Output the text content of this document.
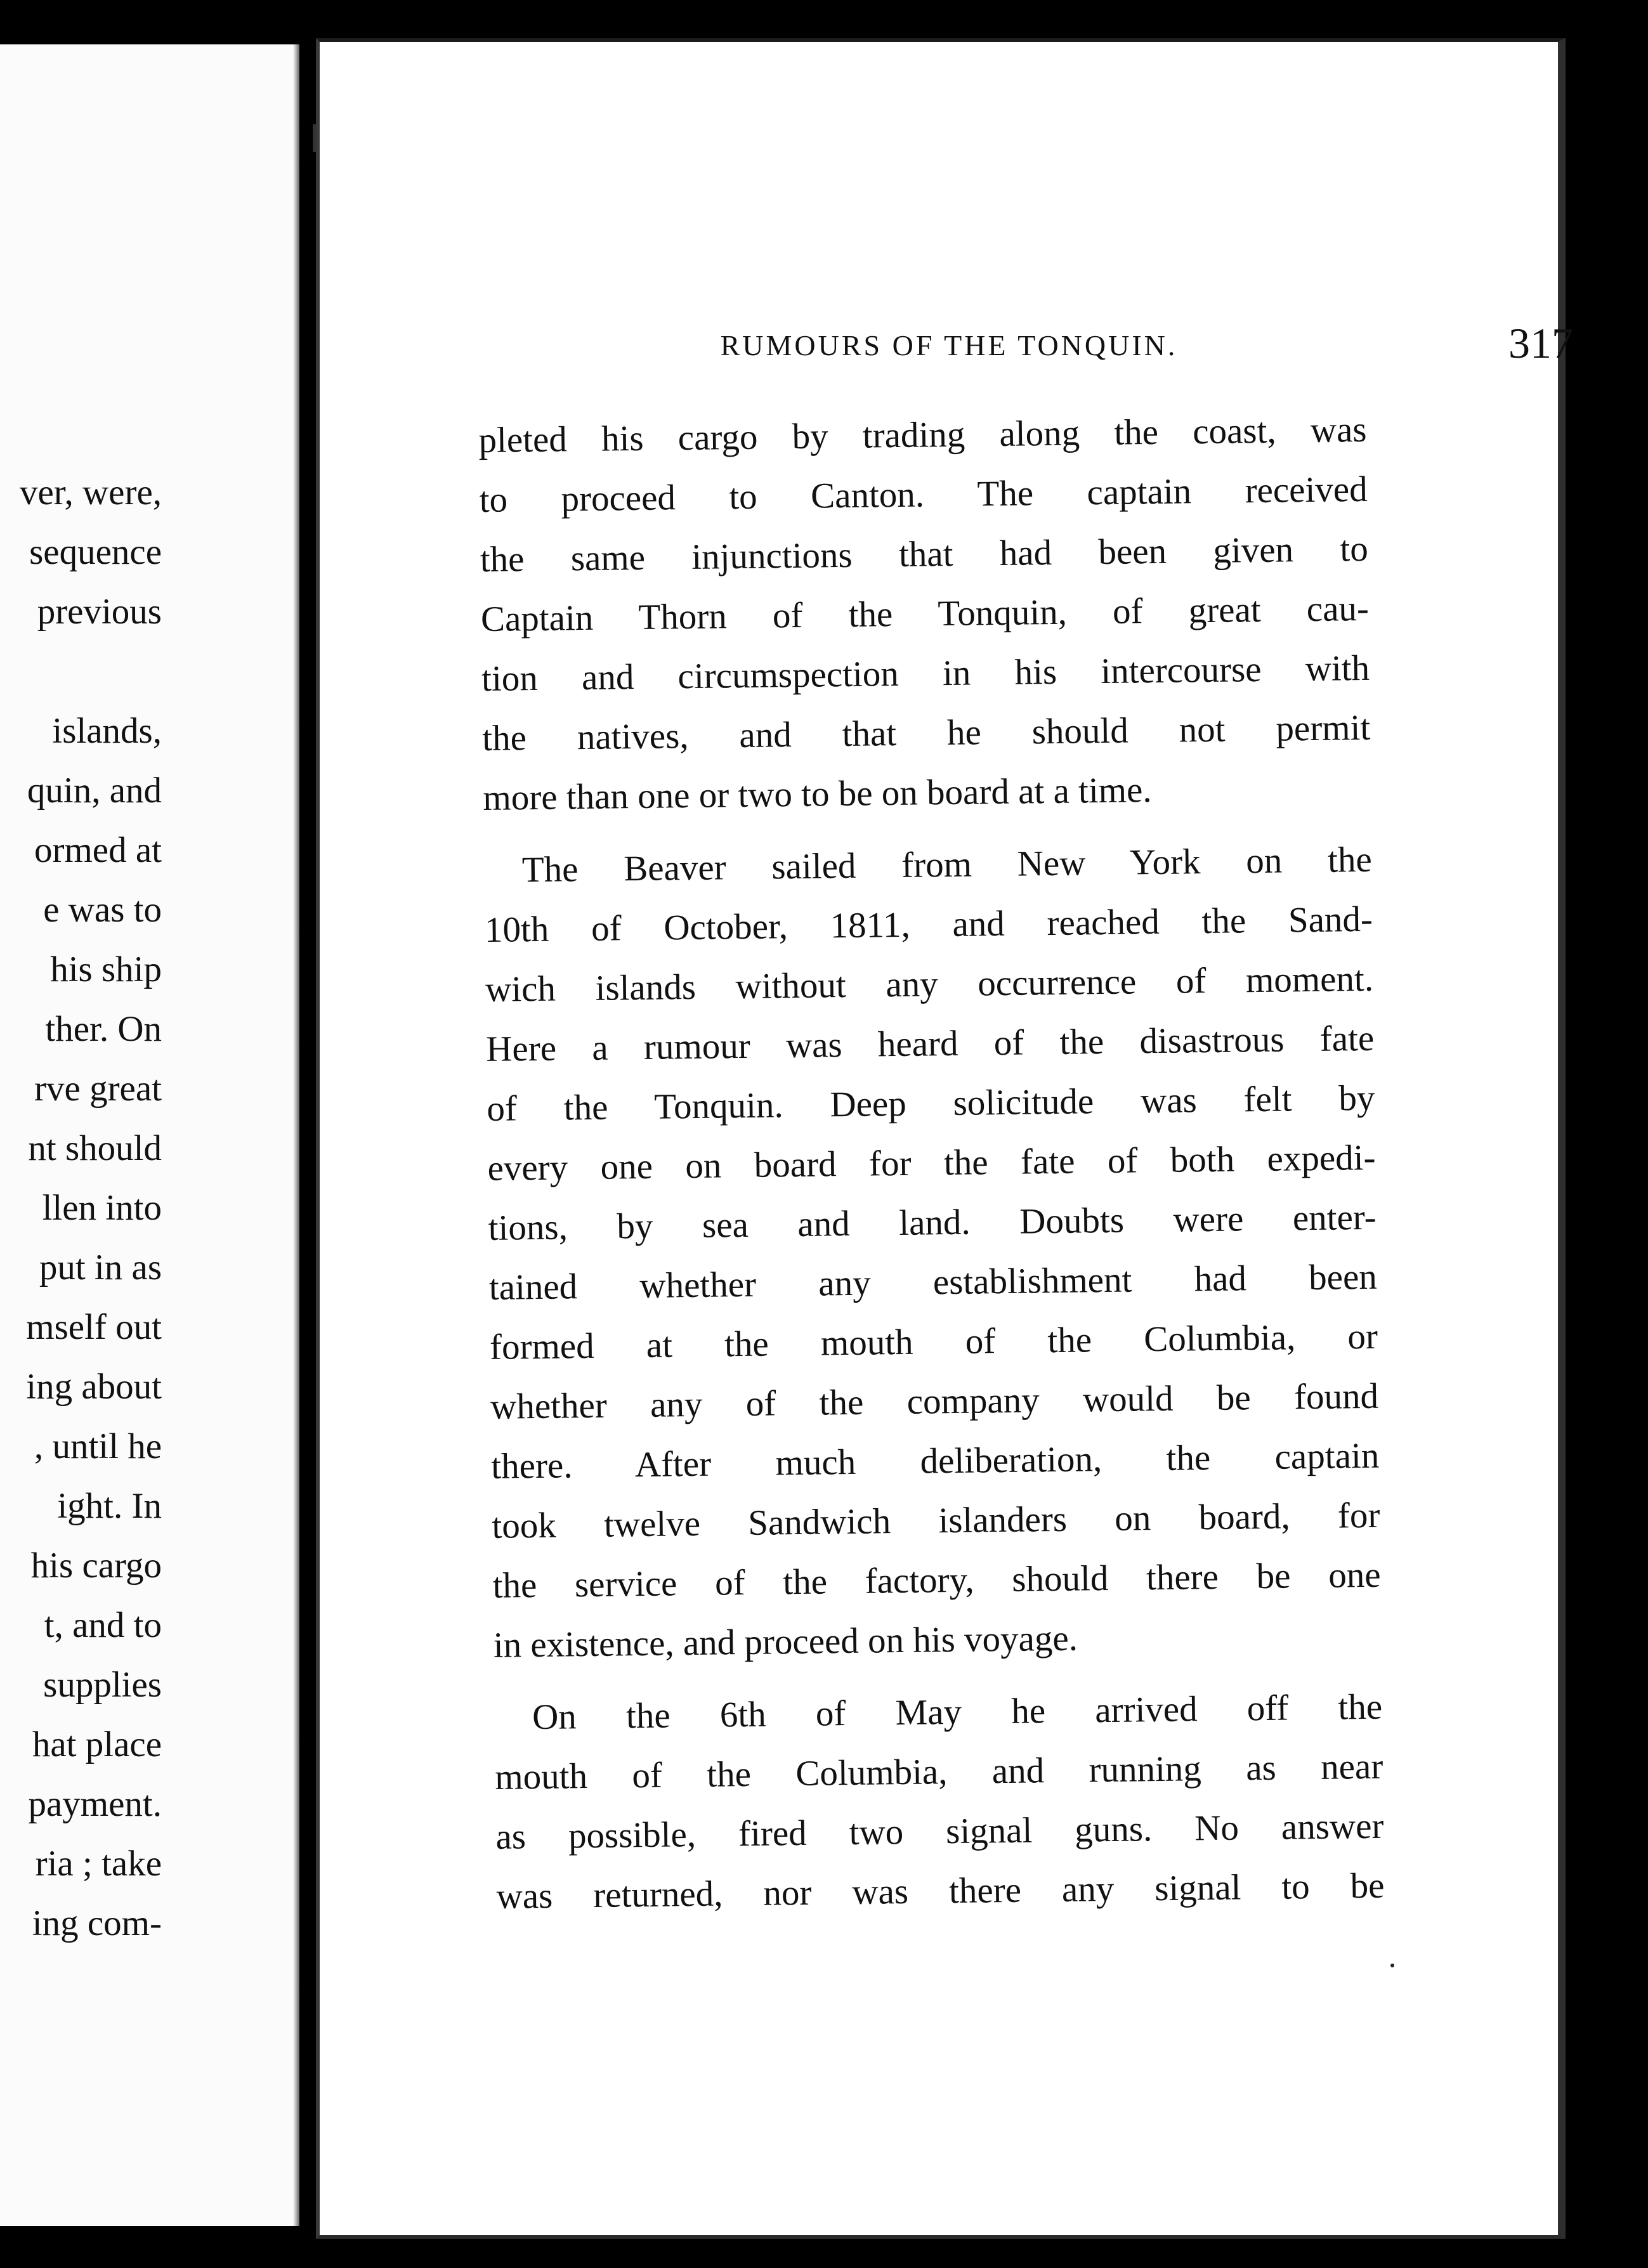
ver, were,
sequence
previous
islands,
quin, and
ormed at
e was to
his ship
ther. On
rve great
nt should
llen into
put in as
mself out
ing about
, until he
ight. In
his cargo
t, and to
supplies
hat place
payment.
ria ; take
ing com-
RUMOURS OF THE TONQUIN.	317
pleted his cargo by trading along the coast, was
to proceed to Canton. The captain received
the same injunctions that had been given to
Captain Thorn of the Tonquin, of great cau-
tion and circumspection in his intercourse with
the natives, and that he should not permit
more than one or two to be on board at a time.
The Beaver sailed from New York on the
10th of October, 1811, and reached the Sand-
wich islands without any occurrence of moment.
Here a rumour was heard of the disastrous fate
of the Tonquin. Deep solicitude was felt by
every one on board for the fate of both expedi-
tions, by sea and land. Doubts were enter-
tained whether any establishment had been
formed at the mouth of the Columbia, or
whether any of the company would be found
there. After much deliberation, the captain
took twelve Sandwich islanders on board, for
the service of the factory, should there be one
in existence, and proceed on his voyage.
On the 6th of May he arrived off the
mouth of the Columbia, and running as near
as possible, fired two signal guns. No answer
was returned, nor was there any signal to be
